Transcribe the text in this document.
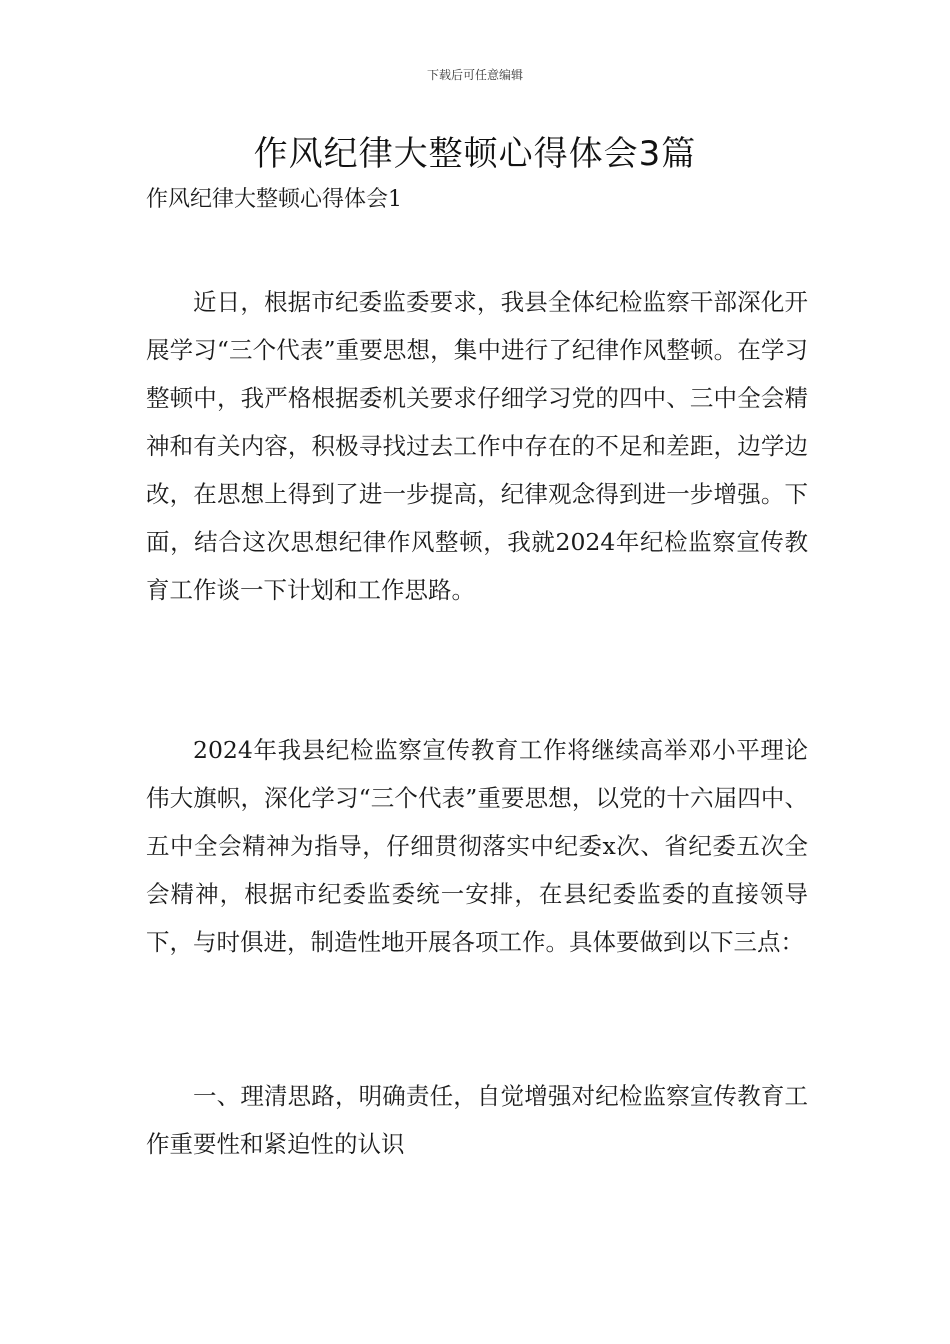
下载后可任意编辑
作风纪律大整顿心得体会3篇
作风纪律大整顿心得体会1

近日，根据市纪委监委要求，我县全体纪检监察干部深化开展学习“三个代表”重要思想，集中进行了纪律作风整顿。在学习整顿中，我严格根据委机关要求仔细学习党的四中、三中全会精神和有关内容，积极寻找过去工作中存在的不足和差距，边学边改，在思想上得到了进一步提高，纪律观念得到进一步增强。下面，结合这次思想纪律作风整顿，我就2024年纪检监察宣传教育工作谈一下计划和工作思路。

2024年我县纪检监察宣传教育工作将继续高举邓小平理论伟大旗帜，深化学习“三个代表”重要思想，以党的十六届四中、五中全会精神为指导，仔细贯彻落实中纪委x次、省纪委五次全会精神，根据市纪委监委统一安排，在县纪委监委的直接领导下，与时俱进，制造性地开展各项工作。具体要做到以下三点：

一、理清思路，明确责任，自觉增强对纪检监察宣传教育工作重要性和紧迫性的认识
